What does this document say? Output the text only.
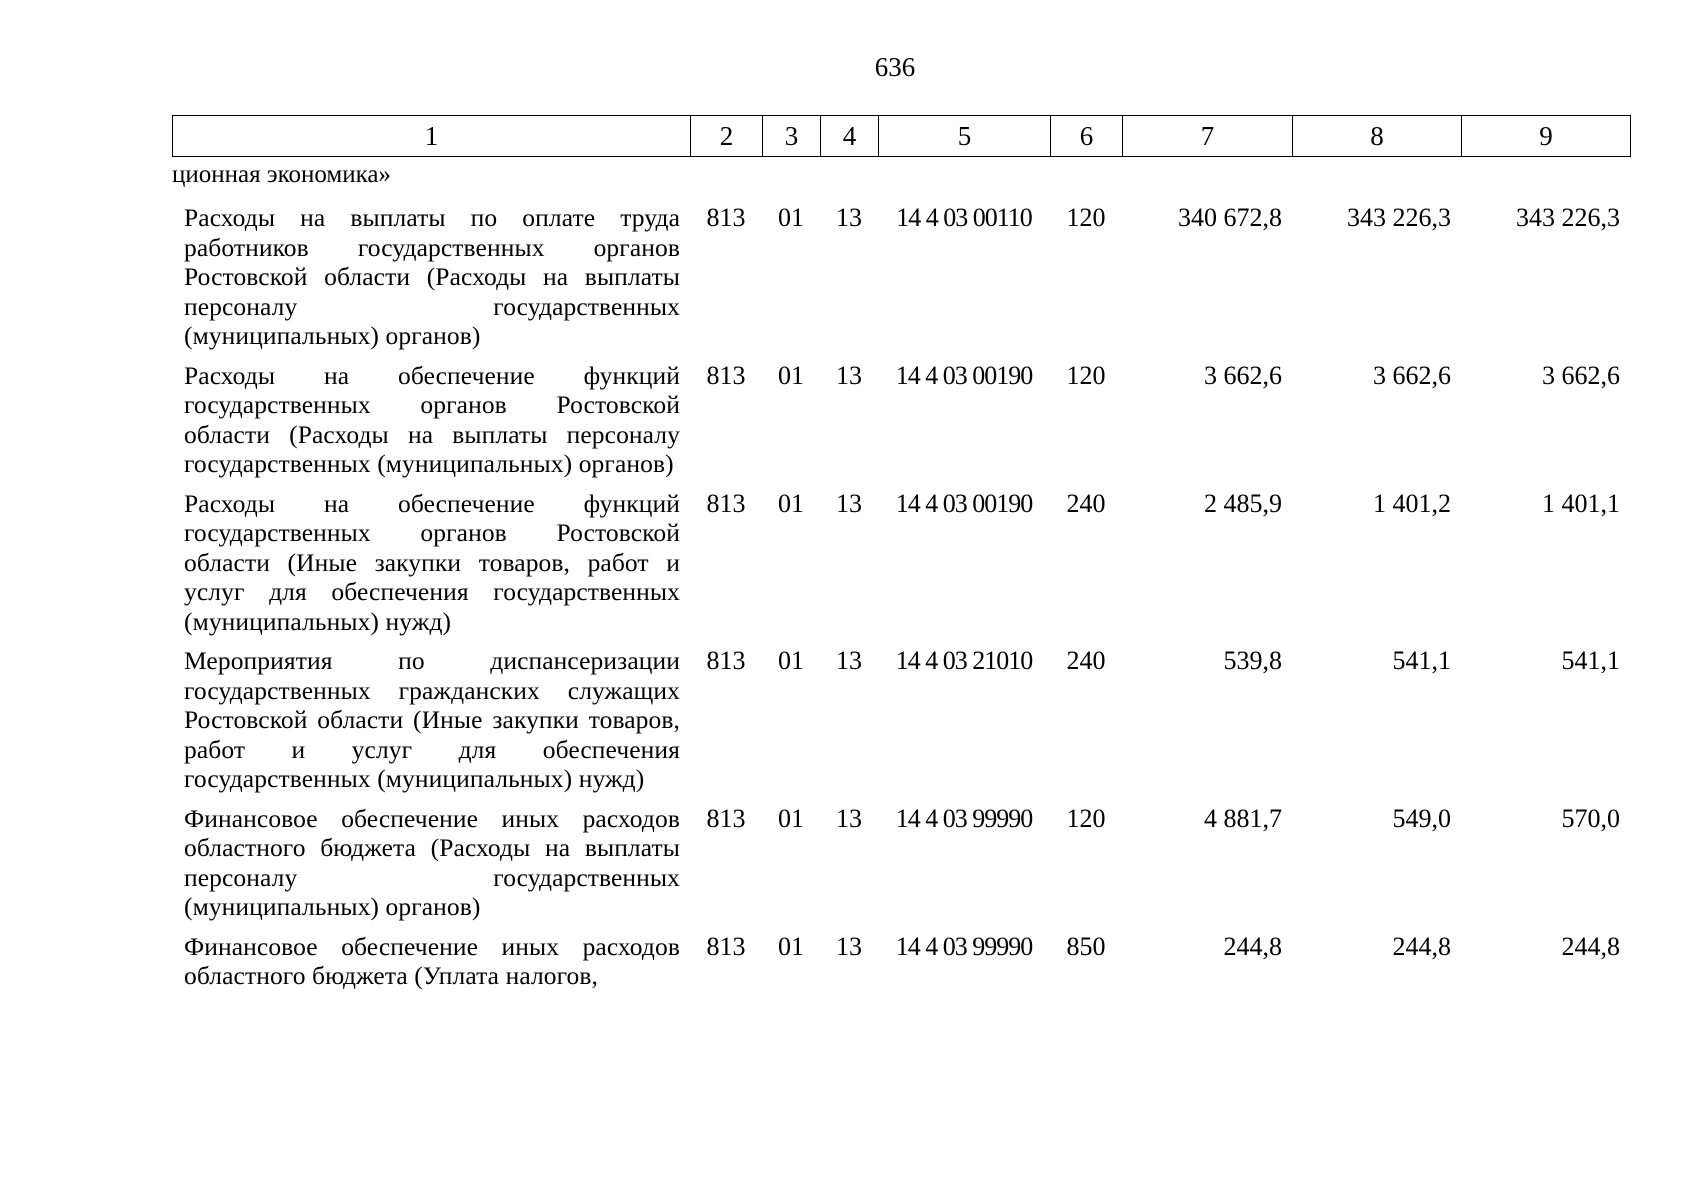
636
1	2	3	4	5	6	7	8	9
ционная экономика»
Расходы на выплаты по оплате труда работников государственных органов Ростовской области (Расходы на выплаты персоналу государственных (муниципальных) органов)	813	01	13	14 4 03 00110	120	340 672,8	343 226,3	343 226,3
Расходы на обеспечение функций государственных органов Ростовской области (Расходы на выплаты персоналу государственных (муниципальных) органов)	813	01	13	14 4 03 00190	120	3 662,6	3 662,6	3 662,6
Расходы на обеспечение функций государственных органов Ростовской области (Иные закупки товаров, работ и услуг для обеспечения государственных (муниципальных) нужд)	813	01	13	14 4 03 00190	240	2 485,9	1 401,2	1 401,1
Мероприятия по диспансеризации государственных гражданских служащих Ростовской области (Иные закупки товаров, работ и услуг для обеспечения государственных (муниципальных) нужд)	813	01	13	14 4 03 21010	240	539,8	541,1	541,1
Финансовое обеспечение иных расходов областного бюджета (Расходы на выплаты персоналу государственных (муниципальных) органов)	813	01	13	14 4 03 99990	120	4 881,7	549,0	570,0
Финансовое обеспечение иных расходов областного бюджета (Уплата налогов,	813	01	13	14 4 03 99990	850	244,8	244,8	244,8
